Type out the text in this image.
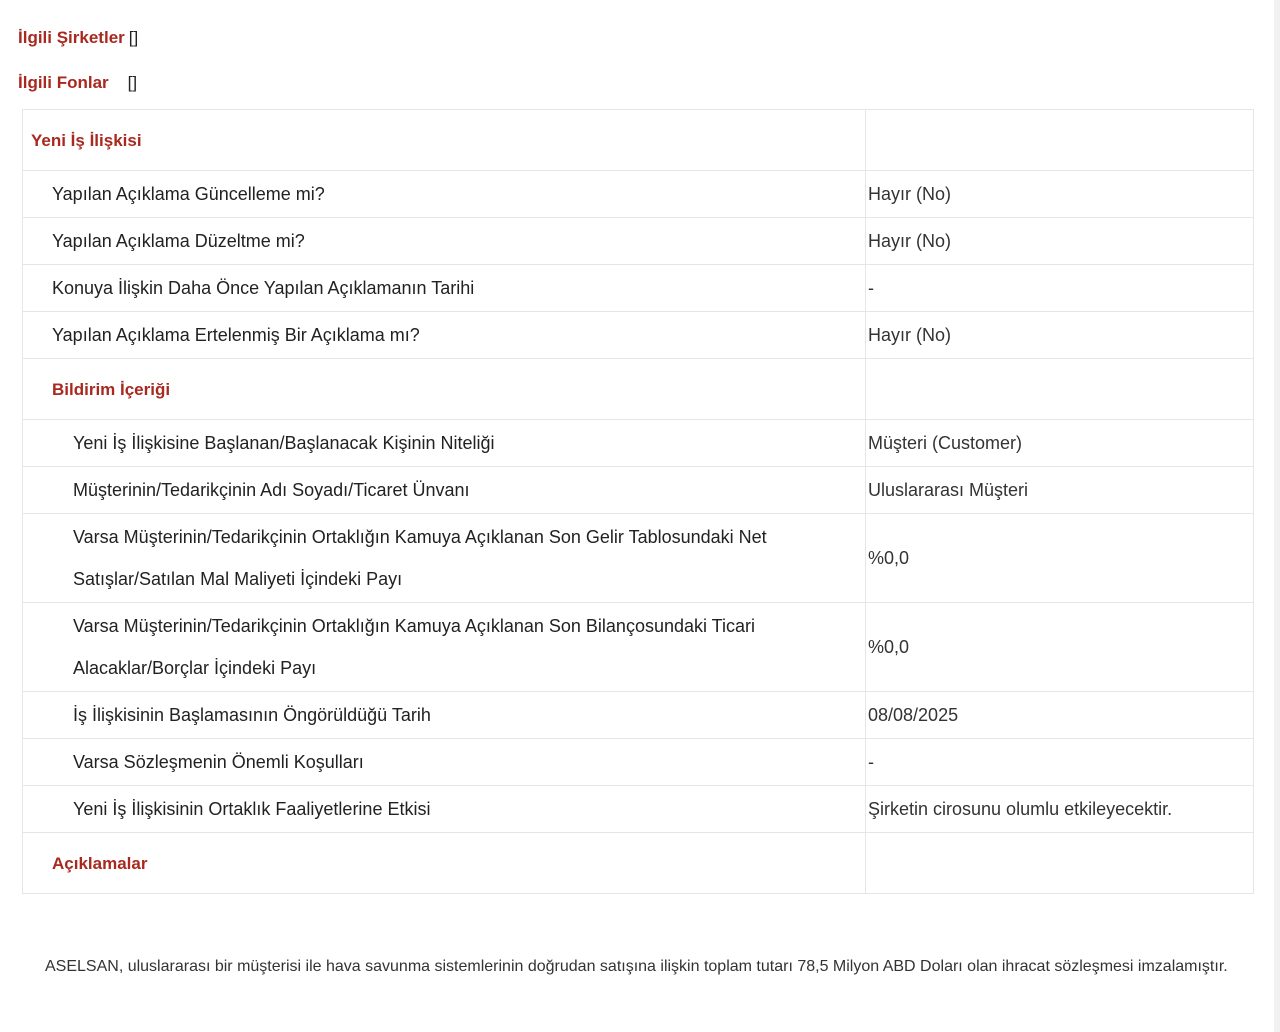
İlgili Şirketler []
İlgili Fonlar []
Yeni İş İlişkisi	
Yapılan Açıklama Güncelleme mi?	Hayır (No)
Yapılan Açıklama Düzeltme mi?	Hayır (No)
Konuya İlişkin Daha Önce Yapılan Açıklamanın Tarihi	-
Yapılan Açıklama Ertelenmiş Bir Açıklama mı?	Hayır (No)
Bildirim İçeriği	
Yeni İş İlişkisine Başlanan/Başlanacak Kişinin Niteliği	Müşteri (Customer)
Müşterinin/Tedarikçinin Adı Soyadı/Ticaret Ünvanı	Uluslararası Müşteri
Varsa Müşterinin/Tedarikçinin Ortaklığın Kamuya Açıklanan Son Gelir Tablosundaki Net Satışlar/Satılan Mal Maliyeti İçindeki Payı	%0,0
Varsa Müşterinin/Tedarikçinin Ortaklığın Kamuya Açıklanan Son Bilançosundaki Ticari Alacaklar/Borçlar İçindeki Payı	%0,0
İş İlişkisinin Başlamasının Öngörüldüğü Tarih	08/08/2025
Varsa Sözleşmenin Önemli Koşulları	-
Yeni İş İlişkisinin Ortaklık Faaliyetlerine Etkisi	Şirketin cirosunu olumlu etkileyecektir.
Açıklamalar	
ASELSAN, uluslararası bir müşterisi ile hava savunma sistemlerinin doğrudan satışına ilişkin toplam tutarı 78,5 Milyon ABD Doları olan ihracat sözleşmesi imzalamıştır.
